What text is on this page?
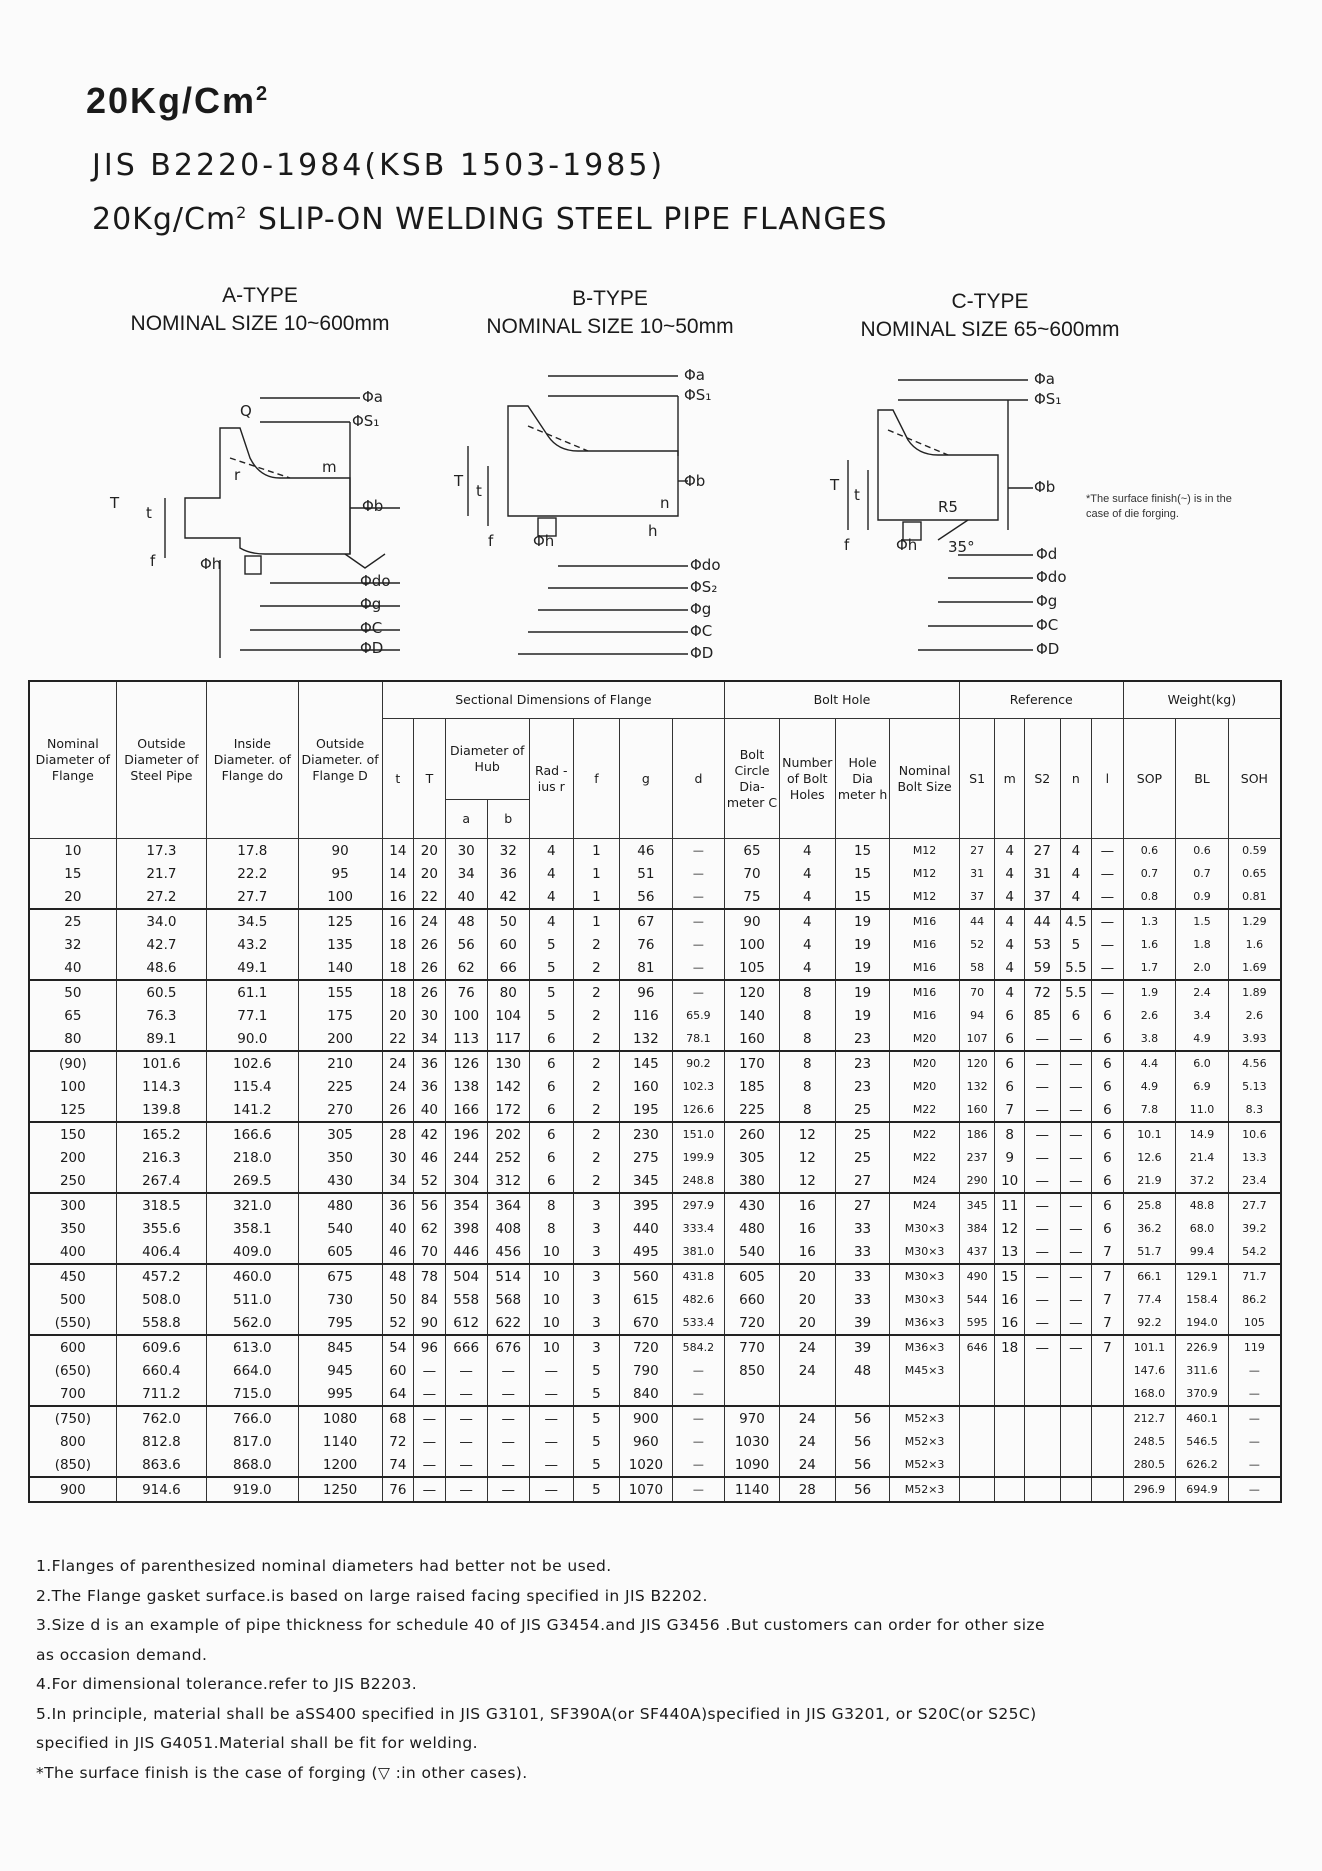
20Kg/Cm$^2$
JIS B2220-1984(KSB 1503-1985)
20Kg/Cm$^2$ SLIP-ON WELDING STEEL PIPE FLANGES
A-TYPE
NOMINAL SIZE 10~600mm
B-TYPE
NOMINAL SIZE 10~50mm
C-TYPE
NOMINAL SIZE 65~600mm
Φa
ΦS₁
Φb
Φdo
Φg
ΦC
ΦD
Φh
T
t
f
r	m
Q
Φa
ΦS₁
Φb
Φdo
ΦS₂
Φg
ΦC
ΦD
Φh
T
t
f
n
h
Φa
ΦS₁
Φb
Φd
Φdo
Φg
ΦC
ΦD
Φh
R5
35°
T
t
f
*The surface finish(~) is in the case of die forging.
Nominal Diameter of Flange	Outside Diameter of Steel Pipe	Inside Diameter. of Flange do	Outside Diameter. of Flange D	Sectional Dimensions of Flange								Bolt Hole				Reference					Weight(kg)		
				t	T	Diameter of Hub		Rad -ius r	f	g	d	Bolt Circle Dia- meter C	Number of Bolt Holes	Hole Dia meter h	Nominal Bolt Size	S1	m	S2	n	l	SOP	BL	SOH
						a	b																
10	17.3	17.8	90	14	20	30	32	4	1	46	—	65	4	15	M12	27	4	27	4	—	0.6	0.6	0.59
15	21.7	22.2	95	14	20	34	36	4	1	51	—	70	4	15	M12	31	4	31	4	—	0.7	0.7	0.65
20	27.2	27.7	100	16	22	40	42	4	1	56	—	75	4	15	M12	37	4	37	4	—	0.8	0.9	0.81
25	34.0	34.5	125	16	24	48	50	4	1	67	—	90	4	19	M16	44	4	44	4.5	—	1.3	1.5	1.29
32	42.7	43.2	135	18	26	56	60	5	2	76	—	100	4	19	M16	52	4	53	5	—	1.6	1.8	1.6
40	48.6	49.1	140	18	26	62	66	5	2	81	—	105	4	19	M16	58	4	59	5.5	—	1.7	2.0	1.69
50	60.5	61.1	155	18	26	76	80	5	2	96	—	120	8	19	M16	70	4	72	5.5	—	1.9	2.4	1.89
65	76.3	77.1	175	20	30	100	104	5	2	116	65.9	140	8	19	M16	94	6	85	6	6	2.6	3.4	2.6
80	89.1	90.0	200	22	34	113	117	6	2	132	78.1	160	8	23	M20	107	6	—	—	6	3.8	4.9	3.93
(90)	101.6	102.6	210	24	36	126	130	6	2	145	90.2	170	8	23	M20	120	6	—	—	6	4.4	6.0	4.56
100	114.3	115.4	225	24	36	138	142	6	2	160	102.3	185	8	23	M20	132	6	—	—	6	4.9	6.9	5.13
125	139.8	141.2	270	26	40	166	172	6	2	195	126.6	225	8	25	M22	160	7	—	—	6	7.8	11.0	8.3
150	165.2	166.6	305	28	42	196	202	6	2	230	151.0	260	12	25	M22	186	8	—	—	6	10.1	14.9	10.6
200	216.3	218.0	350	30	46	244	252	6	2	275	199.9	305	12	25	M22	237	9	—	—	6	12.6	21.4	13.3
250	267.4	269.5	430	34	52	304	312	6	2	345	248.8	380	12	27	M24	290	10	—	—	6	21.9	37.2	23.4
300	318.5	321.0	480	36	56	354	364	8	3	395	297.9	430	16	27	M24	345	11	—	—	6	25.8	48.8	27.7
350	355.6	358.1	540	40	62	398	408	8	3	440	333.4	480	16	33	M30×3	384	12	—	—	6	36.2	68.0	39.2
400	406.4	409.0	605	46	70	446	456	10	3	495	381.0	540	16	33	M30×3	437	13	—	—	7	51.7	99.4	54.2
450	457.2	460.0	675	48	78	504	514	10	3	560	431.8	605	20	33	M30×3	490	15	—	—	7	66.1	129.1	71.7
500	508.0	511.0	730	50	84	558	568	10	3	615	482.6	660	20	33	M30×3	544	16	—	—	7	77.4	158.4	86.2
(550)	558.8	562.0	795	52	90	612	622	10	3	670	533.4	720	20	39	M36×3	595	16	—	—	7	92.2	194.0	105
600	609.6	613.0	845	54	96	666	676	10	3	720	584.2	770	24	39	M36×3	646	18	—	—	7	101.1	226.9	119
(650)	660.4	664.0	945	60	—	—	—	—	5	790	—	850	24	48	M45×3						147.6	311.6	—
700	711.2	715.0	995	64	—	—	—	—	5	840	—										168.0	370.9	—
(750)	762.0	766.0	1080	68	—	—	—	—	5	900	—	970	24	56	M52×3						212.7	460.1	—
800	812.8	817.0	1140	72	—	—	—	—	5	960	—	1030	24	56	M52×3						248.5	546.5	—
(850)	863.6	868.0	1200	74	—	—	—	—	5	1020	—	1090	24	56	M52×3						280.5	626.2	—
900	914.6	919.0	1250	76	—	—	—	—	5	1070	—	1140	28	56	M52×3						296.9	694.9	—
1.Flanges of parenthesized nominal diameters had better not be used.
2.The Flange gasket surface.is based on large raised facing specified in JIS B2202.
3.Size d is an example of pipe thickness for schedule 40 of JIS G3454.and JIS G3456 .But customers can order for other size
as occasion demand.
4.For dimensional tolerance.refer to JIS B2203.
5.In principle, material shall be aSS400 specified in JIS G3101, SF390A(or SF440A)specified in JIS G3201, or S20C(or S25C)
specified in JIS G4051.Material shall be fit for welding.
*The surface finish is the case of forging (▽ :in other cases).
